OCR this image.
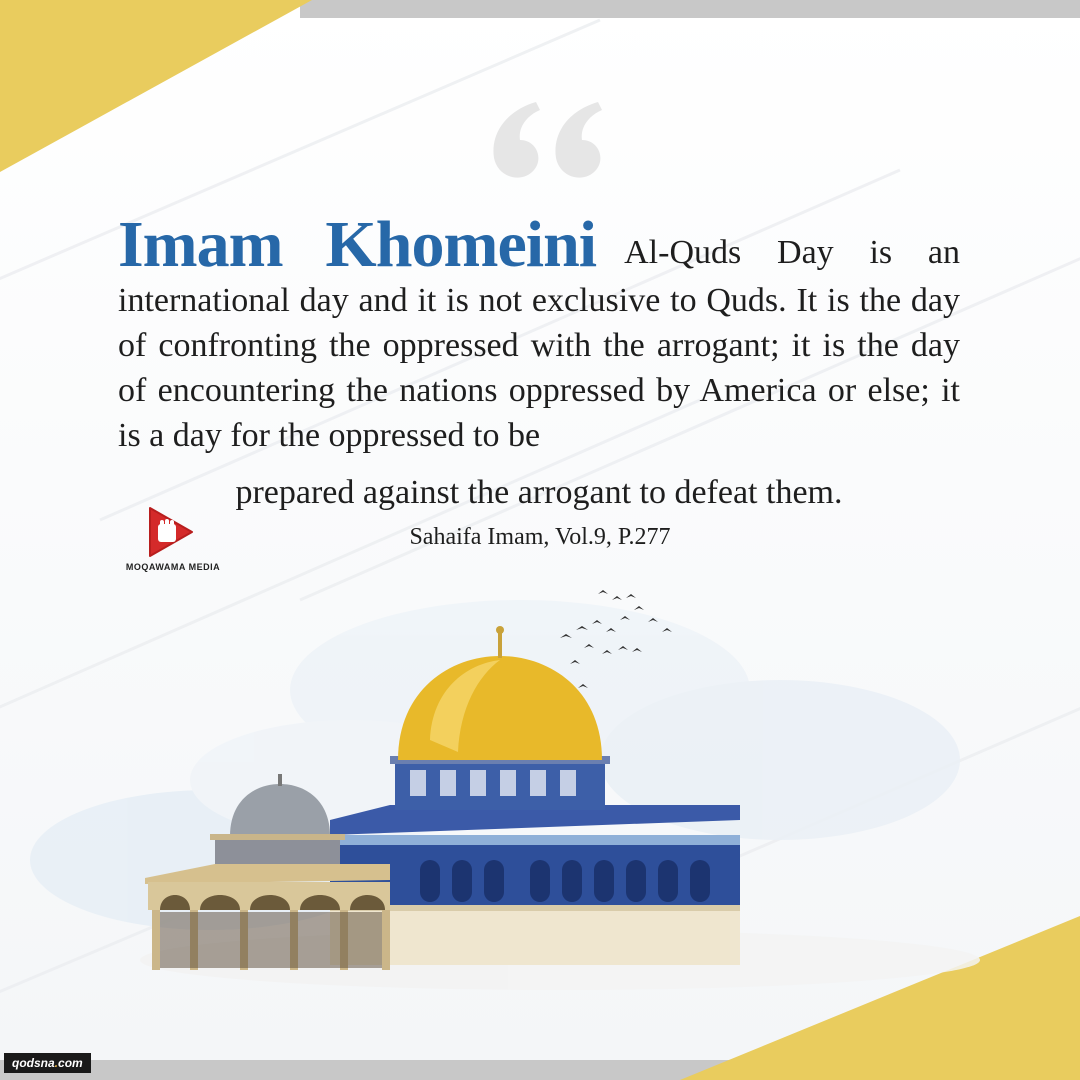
Imam Khomeini Al-Quds Day is an international day and it is not exclusive to Quds. It is the day of confronting the oppressed with the arrogant; it is the day of encountering the nations oppressed by America or else; it is a day for the oppressed to be
prepared against the arrogant to defeat them.
Sahaifa Imam, Vol.9, P.277
MOQAWAMA MEDIA
qodsna.com
